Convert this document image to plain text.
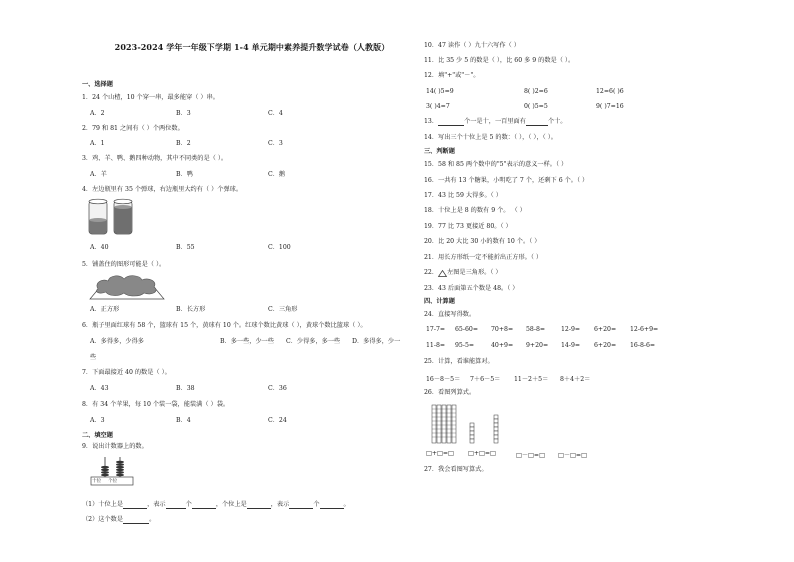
2023-2024 学年一年级下学期 1-4 单元期中素养提升数学试卷（人教版）
一、选择题
1．24 个山楂，10 个穿一串，最多能穿（ ）串。
A．2	B．3	C．4
2．79 和 81 之间有（ ）个两位数。
A．1	B．2	C．3
3．鸡、羊、鸭、鹅四种动物，其中不同类的是（ ）。
A．羊	B．鸭	C．鹅
4．左边瓶里有 35 个弹球，右边瓶里大约有（ ）个弹球。
A．40	B．55	C．100
5．铺盖住的图形可能是（ ）。
A．正方形	B．长方形	C．三角形
6．瓶子里面红球有 58 个，篮球有 15 个，黄球有 10 个。红球个数比黄球（ ），黄球个数比篮球（ ）。
A．多得多，少得多	B．多一些，少一些 C．少得多，多一些 D．多得多，少一
些
7．下面最接近 40 的数是（ ）。
A．43	B．38	C．36
8．有 34 个苹果，每 10 个装一袋，能装满（ ）袋。
A．3	B．4	C．24
二、填空题
9．说出计数器上的数。
十位 个位
（1）十位上是	，表示	个	，个位上是	，表示	个	。
（2）这个数是	。
10．47 读作（ ）九十六写作（ ）
11．比 35 少 5 的数是（ ），比 60 多 9 的数是（ ）。
12．填"+"或"－"。
14( )5=9	8( )2=6	12=6( )6
3( )4=7	0( )5=5	9( )7=16
13．	个一是十，一百里面有	个十。
14．写出三个十位上是 5 的数：（ ），（ ），（ ）。
三、判断题
15．58 和 85 两个数中的"5"表示的意义一样。（ ）
16．一共有 13 个糖果，小明吃了 7 个，还剩下 6 个。（ ）
17．43 比 59 大得多。（ ）
18．十位上是 8 的数有 9 个。 （ ）
19．77 比 73 更接近 80。（ ）
20．比 20 大比 30 小的数有 10 个。（ ）
21．用长方形纸一定不能折出正方形。（ ）
22． 左图是三角形。（ ）
23．43 后面第五个数是 48。（ ）
四、计算题
24．直接写得数。
17-7= 65-60= 70+8= 58-8=	12-9= 6+20= 12-6+9=
11-8= 95-5=	40+9= 9+20= 14-9= 6+20= 16-8-6=
25．计算，看谁能算对。
16－8－5＝ 7＋6－5＝ 11－2＋5＝ 8＋4＋2＝
26．看图列算式。
□+□=□ □+□=□	□－□=□ □－□=□
27．我会看图写算式。
